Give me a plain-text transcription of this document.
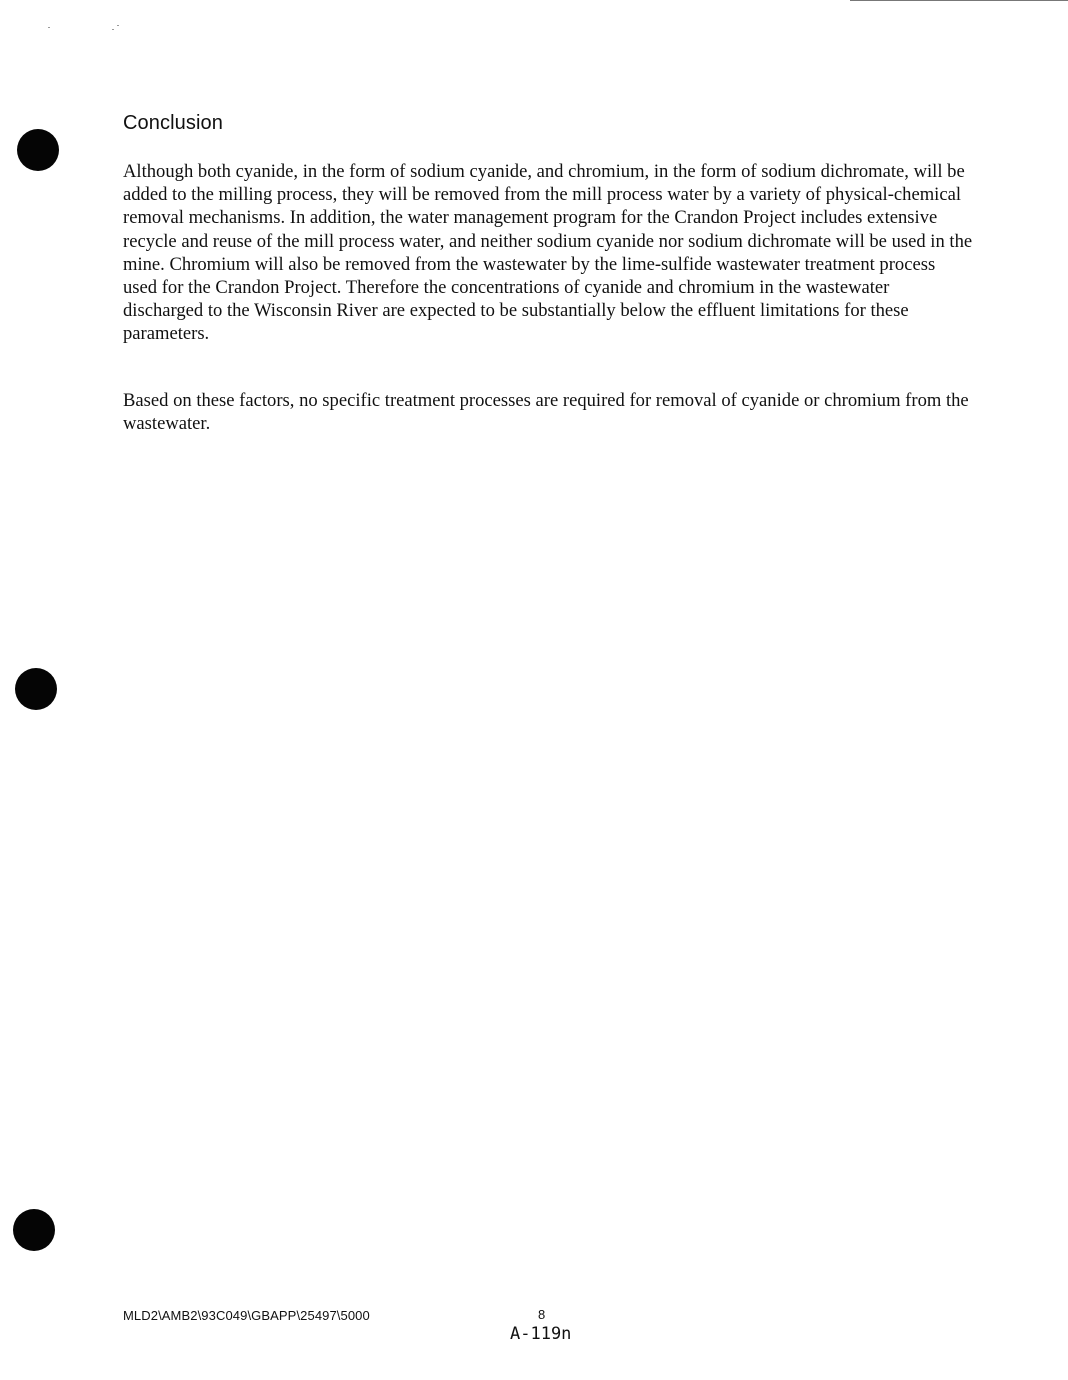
Conclusion

Although both cyanide, in the form of sodium cyanide, and chromium, in the form of sodium dichromate, will be added to the milling process, they will be removed from the mill process water by a variety of physical-chemical removal mechanisms. In addition, the water management program for the Crandon Project includes extensive recycle and reuse of the mill process water, and neither sodium cyanide nor sodium dichromate will be used in the mine. Chromium will also be removed from the wastewater by the lime-sulfide wastewater treatment process used for the Crandon Project. Therefore the concentrations of cyanide and chromium in the wastewater discharged to the Wisconsin River are expected to be substantially below the effluent limitations for these parameters.

Based on these factors, no specific treatment processes are required for removal of cyanide or chromium from the wastewater.

MLD2\AMB2\93C049\GBAPP\25497\5000	8
A-119n
